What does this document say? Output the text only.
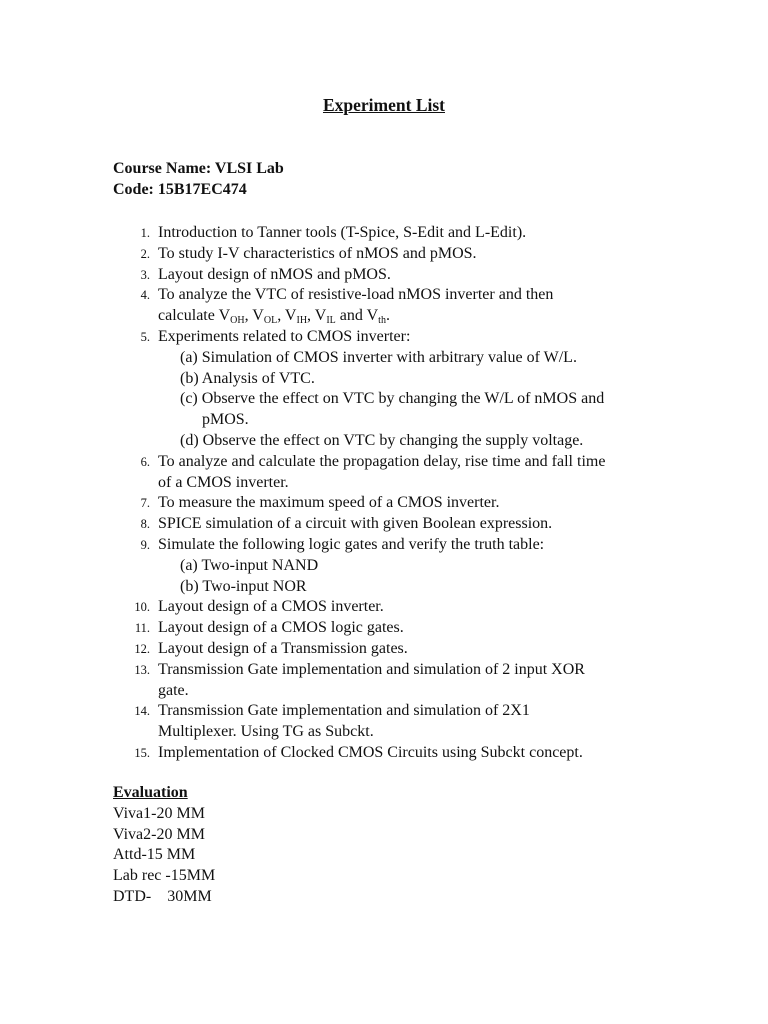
Experiment List
Course Name: VLSI Lab
Code: 15B17EC474
1. Introduction to Tanner tools (T-Spice, S-Edit and L-Edit).
2. To study I-V characteristics of nMOS and pMOS.
3. Layout design of nMOS and pMOS.
4. To analyze the VTC of resistive-load nMOS inverter and then
calculate $V_{OH}$, $V_{OL}$, $V_{IH}$, $V_{IL}$ and $V_{th}$.
5. Experiments related to CMOS inverter:
(a) Simulation of CMOS inverter with arbitrary value of W/L.
(b) Analysis of VTC.
(c) Observe the effect on VTC by changing the W/L of nMOS and
pMOS.
(d) Observe the effect on VTC by changing the supply voltage.
6. To analyze and calculate the propagation delay, rise time and fall time
of a CMOS inverter.
7. To measure the maximum speed of a CMOS inverter.
8. SPICE simulation of a circuit with given Boolean expression.
9. Simulate the following logic gates and verify the truth table:
(a) Two-input NAND
(b) Two-input NOR
10. Layout design of a CMOS inverter.
11. Layout design of a CMOS logic gates.
12. Layout design of a Transmission gates.
13. Transmission Gate implementation and simulation of 2 input XOR
gate.
14. Transmission Gate implementation and simulation of 2X1
Multiplexer. Using TG as Subckt.
15. Implementation of Clocked CMOS Circuits using Subckt concept.
Evaluation
Viva1-20 MM
Viva2-20 MM
Attd-15 MM
Lab rec -15MM
DTD- 30MM
